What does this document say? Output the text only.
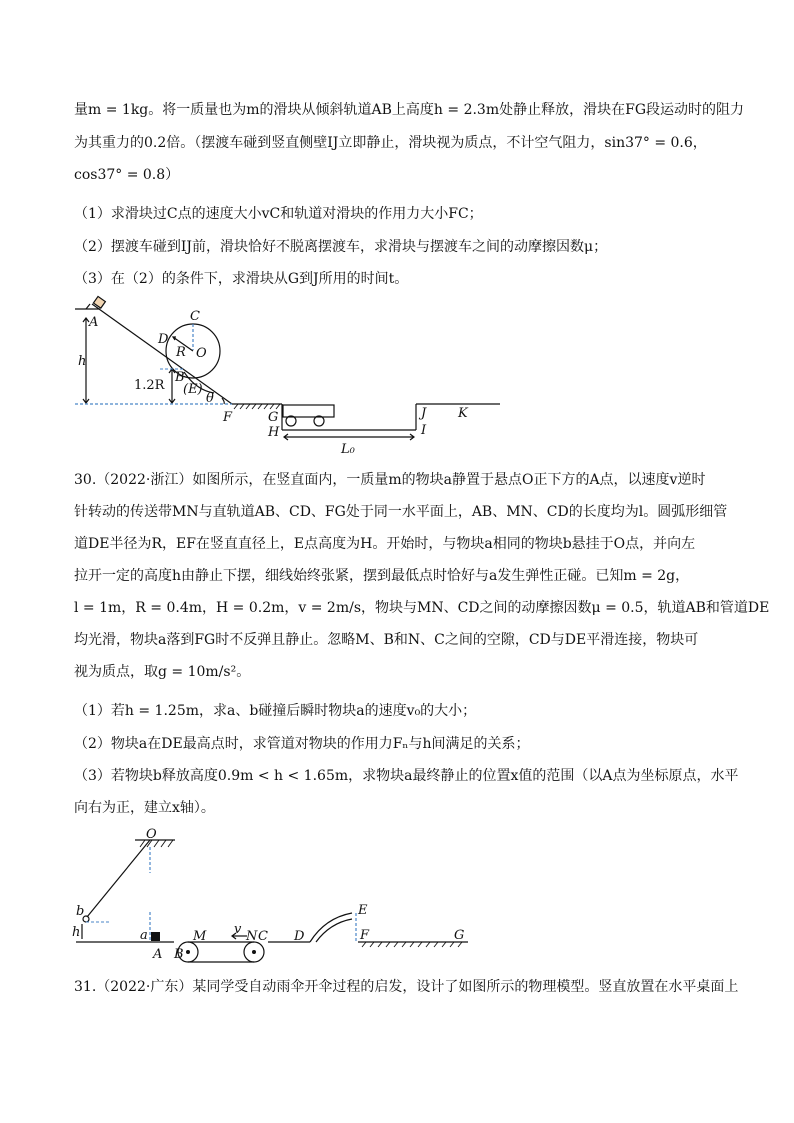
量m = 1kg。将一质量也为m的滑块从倾斜轨道AB上高度h = 2.3m处静止释放，滑块在FG段运动时的阻力
为其重力的0.2倍。（摆渡车碰到竖直侧壁IJ立即静止，滑块视为质点，不计空气阻力，sin37° = 0.6，
cos37° = 0.8）
（1）求滑块过C点的速度大小vC和轨道对滑块的作用力大小FC；
（2）摆渡车碰到IJ前，滑块恰好不脱离摆渡车，求滑块与摆渡车之间的动摩擦因数μ；
（3）在（2）的条件下，求滑块从G到J所用的时间t。
A	C
D
R O
h
1.2R
B
(E)
θ
F	G
H
J
I
K
L₀
30.（2022·浙江）如图所示，在竖直面内，一质量m的物块a静置于悬点O正下方的A点，以速度v逆时
针转动的传送带MN与直轨道AB、CD、FG处于同一水平面上，AB、MN、CD的长度均为l。圆弧形细管
道DE半径为R，EF在竖直直径上，E点高度为H。开始时，与物块a相同的物块b悬挂于O点，并向左
拉开一定的高度h由静止下摆，细线始终张紧，摆到最低点时恰好与a发生弹性正碰。已知m = 2g，
l = 1m，R = 0.4m，H = 0.2m，v = 2m/s，物块与MN、CD之间的动摩擦因数μ = 0.5，轨道AB和管道DE
均光滑，物块a落到FG时不反弹且静止。忽略M、B和N、C之间的空隙，CD与DE平滑连接，物块可
视为质点，取g = 10m/s²。
（1）若h = 1.25m，求a、b碰撞后瞬时物块a的速度v₀的大小；
（2）物块a在DE最高点时，求管道对物块的作用力Fₙ与h间满足的关系；
（3）若物块b释放高度0.9m < h < 1.65m，求物块a最终静止的位置x值的范围（以A点为坐标原点，水平
向右为正，建立x轴）。
O
b
h	a
A B
M v N C D
E
F	G
31.（2022·广东）某同学受自动雨伞开伞过程的启发，设计了如图所示的物理模型。竖直放置在水平桌面上
